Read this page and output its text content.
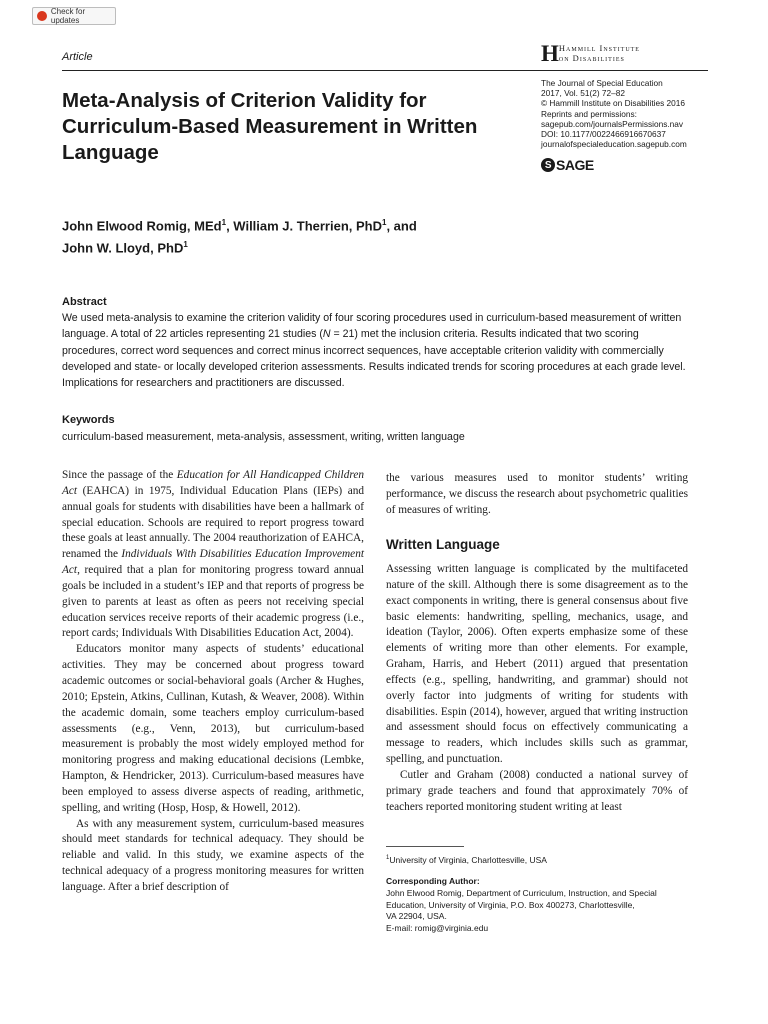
Check for updates
Article	H Hammill Institute
on Disabilities
Meta-Analysis of Criterion Validity for Curriculum-Based Measurement in Written Language
The Journal of Special Education
2017, Vol. 51(2) 72–82
© Hammill Institute on Disabilities 2016
Reprints and permissions:
sagepub.com/journalsPermissions.nav
DOI: 10.1177/0022466916670637
journalofspecialeducation.sagepub.com
S SAGE
John Elwood Romig, MEd$^1$, William J. Therrien, PhD$^1$, and
John W. Lloyd, PhD$^1$
Abstract
We used meta-analysis to examine the criterion validity of four scoring procedures used in curriculum-based measurement of written language. A total of 22 articles representing 21 studies (N = 21) met the inclusion criteria. Results indicated that two scoring procedures, correct word sequences and correct minus incorrect sequences, have acceptable criterion validity with commercially developed and state- or locally developed criterion assessments. Results indicated trends for scoring procedures at each grade level. Implications for researchers and practitioners are discussed.
Keywords
curriculum-based measurement, meta-analysis, assessment, writing, written language

Since the passage of the Education for All Handicapped Children Act (EAHCA) in 1975, Individual Education Plans (IEPs) and annual goals for students with disabilities have been a hallmark of special education. Schools are required to report progress toward these goals at least annually. The 2004 reauthorization of EAHCA, renamed the Individuals With Disabilities Education Improvement Act, required that a plan for monitoring progress toward annual goals be included in a student’s IEP and that reports of progress be given to parents at least as often as peers not receiving special education services receive reports of their academic progress (i.e., report cards; Individuals With Disabilities Education Act, 2004).

Educators monitor many aspects of students’ educational activities. They may be concerned about progress toward academic outcomes or social-behavioral goals (Archer & Hughes, 2010; Epstein, Atkins, Cullinan, Kutash, & Weaver, 2008). Within the academic domain, some teachers employ curriculum-based assessments (e.g., Venn, 2013), but curriculum-based measurement is probably the most widely employed method for monitoring progress and making educational decisions (Lembke, Hampton, & Hendricker, 2013). Curriculum-based measures have been employed to assess diverse aspects of reading, arithmetic, spelling, and writing (Hosp, Hosp, & Howell, 2012).

As with any measurement system, curriculum-based measures should meet standards for technical adequacy. They should be reliable and valid. In this study, we examine aspects of the technical adequacy of a progress monitoring measures for written language. After a brief description of

the various measures used to monitor students’ writing performance, we discuss the research about psychometric qualities of measures of writing.

Written Language

Assessing written language is complicated by the multifaceted nature of the skill. Although there is some disagreement as to the exact components in writing, there is general consensus about five basic elements: handwriting, spelling, mechanics, usage, and ideation (Taylor, 2006). Often experts emphasize some of these elements of writing more than other elements. For example, Graham, Harris, and Hebert (2011) argued that presentation effects (e.g., spelling, handwriting, and grammar) should not overly factor into judgments of writing for students with disabilities. Espin (2014), however, argued that writing instruction and assessment should focus on effectively communicating a message to readers, which includes skills such as grammar, spelling, and punctuation.

Cutler and Graham (2008) conducted a national survey of primary grade teachers and found that approximately 70% of teachers reported monitoring student writing at least

$^1$University of Virginia, Charlottesville, USA
Corresponding Author:
John Elwood Romig, Department of Curriculum, Instruction, and Special
Education, University of Virginia, P.O. Box 400273, Charlottesville,
VA 22904, USA.
E-mail: romig@virginia.edu
